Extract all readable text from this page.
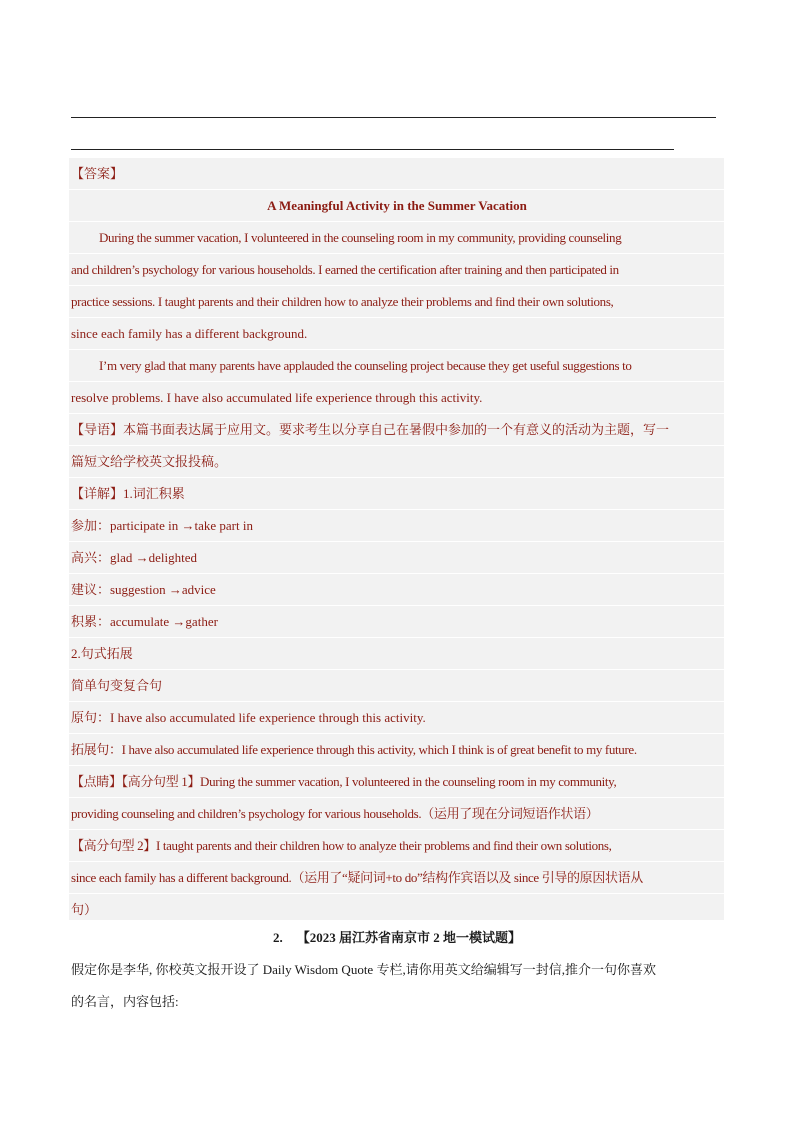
【答案】
A Meaningful Activity in the Summer Vacation
During the summer vacation, I volunteered in the counseling room in my community, providing counseling
and children’s psychology for various households. I earned the certification after training and then participated in
practice sessions. I taught parents and their children how to analyze their problems and find their own solutions,
since each family has a different background.
I’m very glad that many parents have applauded the counseling project because they get useful suggestions to
resolve problems. I have also accumulated life experience through this activity.
【导语】本篇书面表达属于应用文。要求考生以分享自己在暑假中参加的一个有意义的活动为主题，写一
篇短文给学校英文报投稿。
【详解】1.词汇积累
参加：participate in →take part in
高兴：glad →delighted
建议：suggestion →advice
积累：accumulate →gather
2.句式拓展
简单句变复合句
原句：I have also accumulated life experience through this activity.
拓展句：I have also accumulated life experience through this activity, which I think is of great benefit to my future.
【点睛】【高分句型 1】During the summer vacation, I volunteered in the counseling room in my community,
providing counseling and children’s psychology for various households.（运用了现在分词短语作状语）
【高分句型 2】I taught parents and their children how to analyze their problems and find their own solutions,
since each family has a different background.（运用了“疑问词+to do”结构作宾语以及 since 引导的原因状语从
句）
2. 【2023 届江苏省南京市 2 地一模试题】
假定你是李华, 你校英文报开设了 Daily Wisdom Quote 专栏,请你用英文给编辑写一封信,推介一句你喜欢
的名言，内容包括:
